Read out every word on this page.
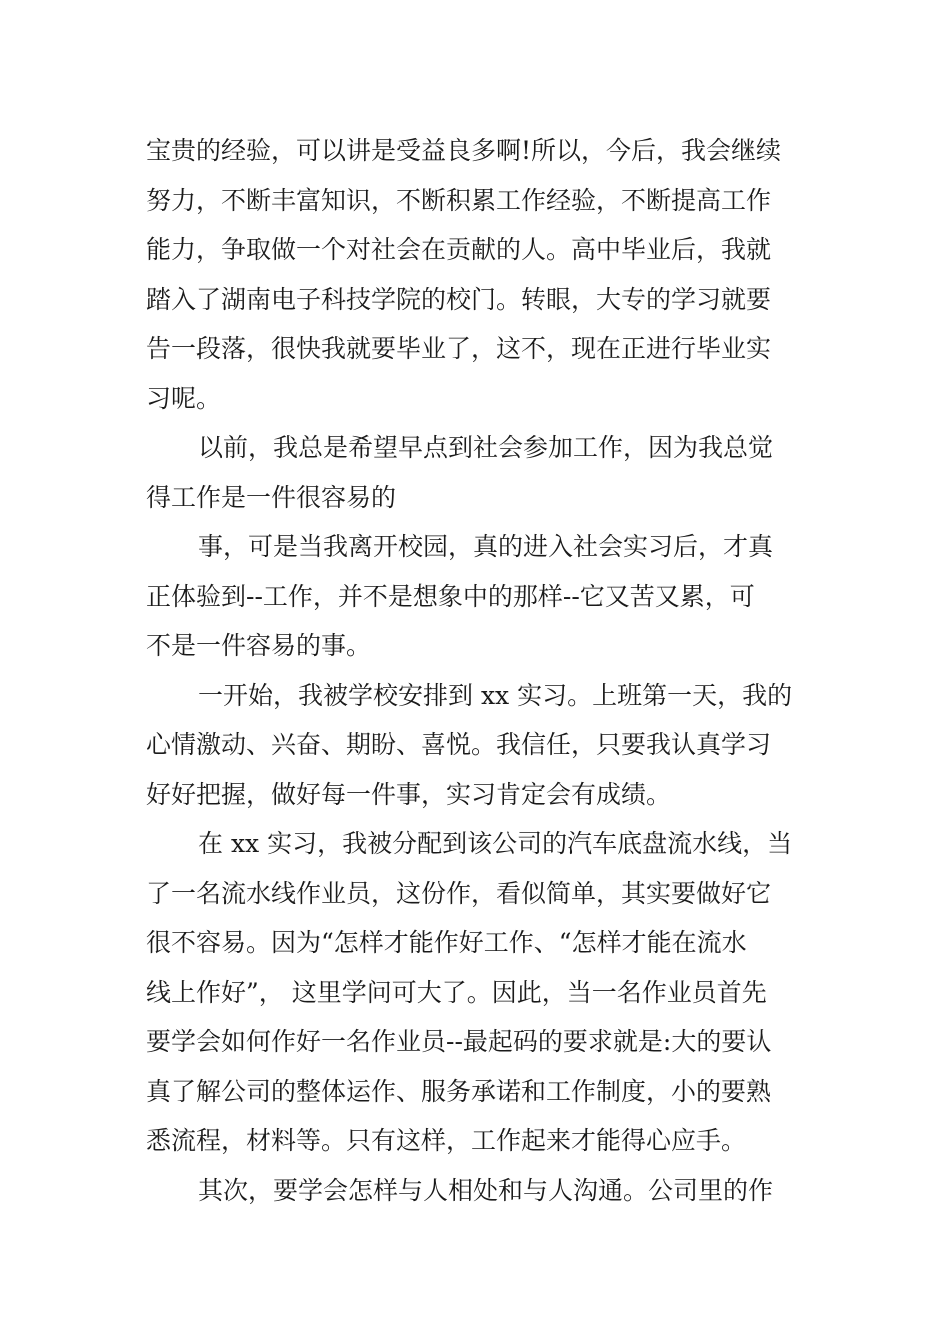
宝贵的经验，可以讲是受益良多啊!所以，今后，我会继续
努力，不断丰富知识，不断积累工作经验，不断提高工作
能力，争取做一个对社会在贡献的人。高中毕业后，我就
踏入了湖南电子科技学院的校门。转眼，大专的学习就要
告一段落，很快我就要毕业了，这不，现在正进行毕业实
习呢。
以前，我总是希望早点到社会参加工作，因为我总觉
得工作是一件很容易的
事，可是当我离开校园，真的进入社会实习后，才真
正体验到--工作，并不是想象中的那样--它又苦又累，可
不是一件容易的事。
一开始，我被学校安排到 xx 实习。上班第一天，我的
心情激动、兴奋、期盼、喜悦。我信任，只要我认真学习
好好把握，做好每一件事，实习肯定会有成绩。
在 xx 实习，我被分配到该公司的汽车底盘流水线，当
了一名流水线作业员，这份作，看似简单，其实要做好它
很不容易。因为“怎样才能作好工作、“怎样才能在流水
线上作好”， 这里学问可大了。因此，当一名作业员首先
要学会如何作好一名作业员--最起码的要求就是:大的要认
真了解公司的整体运作、服务承诺和工作制度，小的要熟
悉流程，材料等。只有这样，工作起来才能得心应手。
其次，要学会怎样与人相处和与人沟通。公司里的作
